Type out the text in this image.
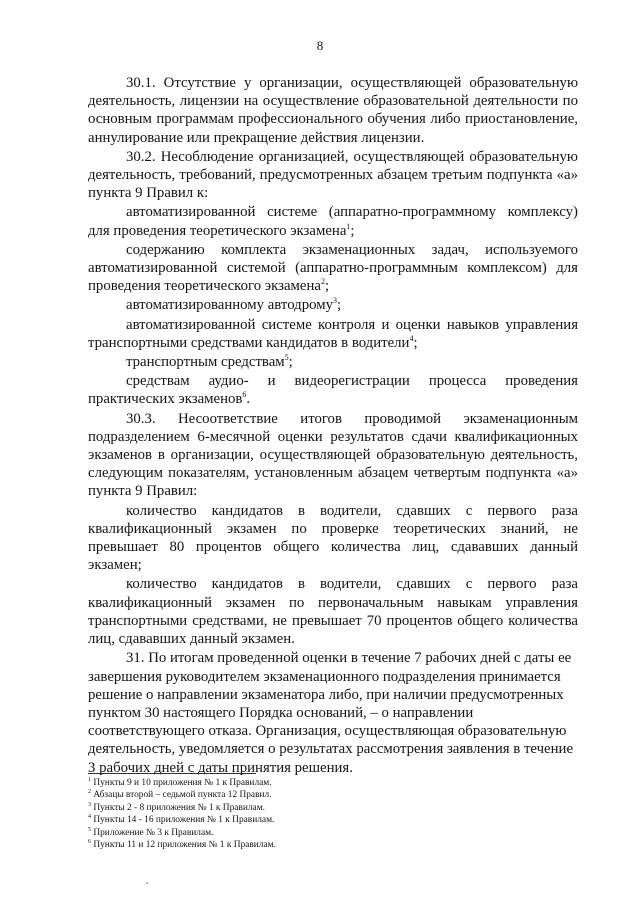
8

30.1. Отсутствие у организации, осуществляющей образовательную деятельность, лицензии на осуществление образовательной деятельности по основным программам профессионального обучения либо приостановление, аннулирование или прекращение действия лицензии.

30.2. Несоблюдение организацией, осуществляющей образовательную деятельность, требований, предусмотренных абзацем третьим подпункта «а» пункта 9 Правил к:

автоматизированной системе (аппаратно-программному комплексу) для проведения теоретического экзамена$^1$;

содержанию комплекта экзаменационных задач, используемого автоматизированной системой (аппаратно-программным комплексом) для проведения теоретического экзамена$^2$;

автоматизированному автодрому$^3$;

автоматизированной системе контроля и оценки навыков управления транспортными средствами кандидатов в водители$^4$;

транспортным средствам$^5$;

средствам аудио- и видеорегистрации процесса проведения практических экзаменов$^6$.

30.3. Несоответствие итогов проводимой экзаменационным подразделением 6-месячной оценки результатов сдачи квалификационных экзаменов в организации, осуществляющей образовательную деятельность, следующим показателям, установленным абзацем четвертым подпункта «а» пункта 9 Правил:

количество кандидатов в водители, сдавших с первого раза квалификационный экзамен по проверке теоретических знаний, не превышает 80 процентов общего количества лиц, сдававших данный экзамен;

количество кандидатов в водители, сдавших с первого раза квалификационный экзамен по первоначальным навыкам управления транспортными средствами, не превышает 70 процентов общего количества лиц, сдававших данный экзамен.

31. По итогам проведенной оценки в течение 7 рабочих дней с даты ее завершения руководителем экзаменационного подразделения принимается решение о направлении экзаменатора либо, при наличии предусмотренных пунктом 30 настоящего Порядка оснований, – о направлении соответствующего отказа. Организация, осуществляющая образовательную деятельность, уведомляется о результатах рассмотрения заявления в течение 3 рабочих дней с даты принятия решения.

$^1$ Пункты 9 и 10 приложения № 1 к Правилам.
$^2$ Абзацы второй – седьмой пункта 12 Правил.
$^3$ Пункты 2 - 8 приложения № 1 к Правилам.
$^4$ Пункты 14 - 16 приложения № 1 к Правилам.
$^5$ Приложение № 3 к Правилам.
$^6$ Пункты 11 и 12 приложения № 1 к Правилам.
